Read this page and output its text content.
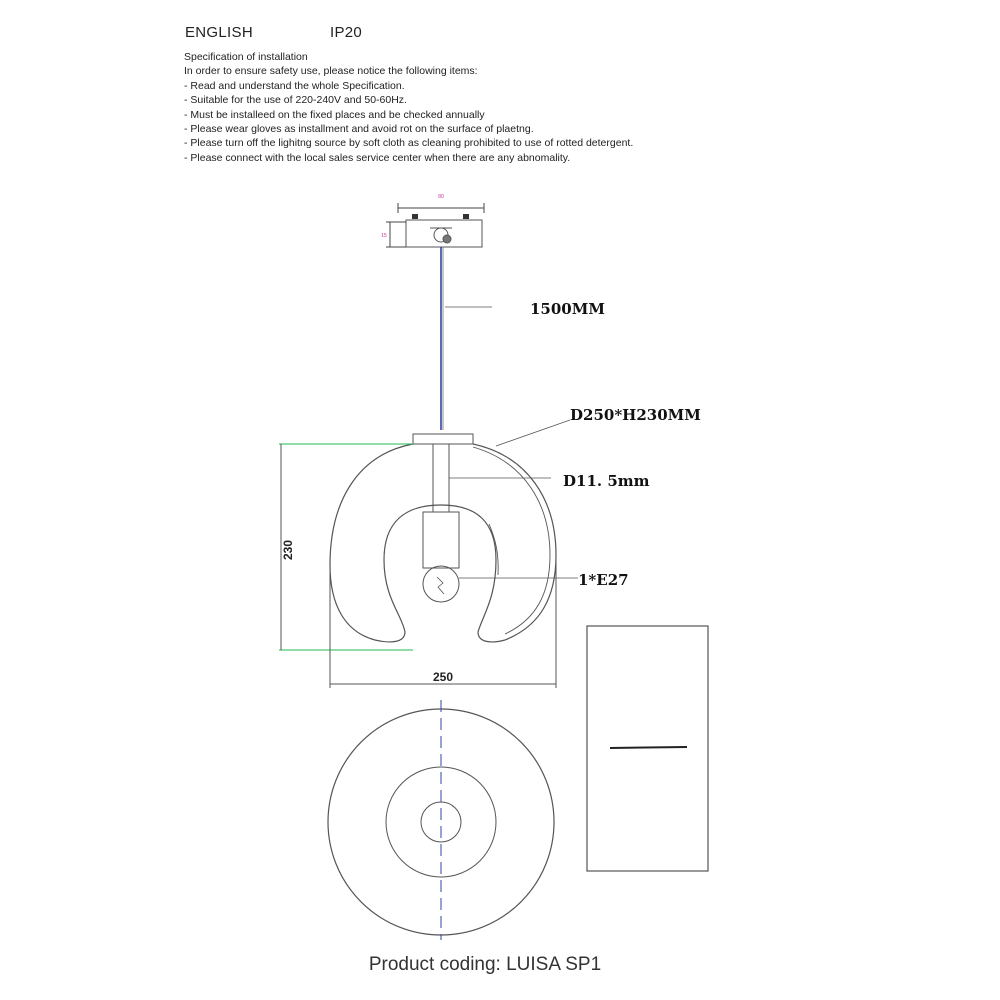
ENGLISH	IP20
Specification of installation
In order to ensure safety use, please notice the following items:
- Read and understand the whole Specification.
- Suitable for the use of 220-240V and 50-60Hz.
- Must be installeed on the fixed places and be checked annually
- Please wear gloves as installment and avoid rot on the surface of plaetng.
- Please turn off the lighitng source by soft cloth as cleaning prohibited to use of rotted detergent.
- Please connect with the local sales service center when there are any abnomality.
80
15
1500MM
D250*H230MM
D11. 5mm
1*E27
230
250
Product coding: LUISA SP1
